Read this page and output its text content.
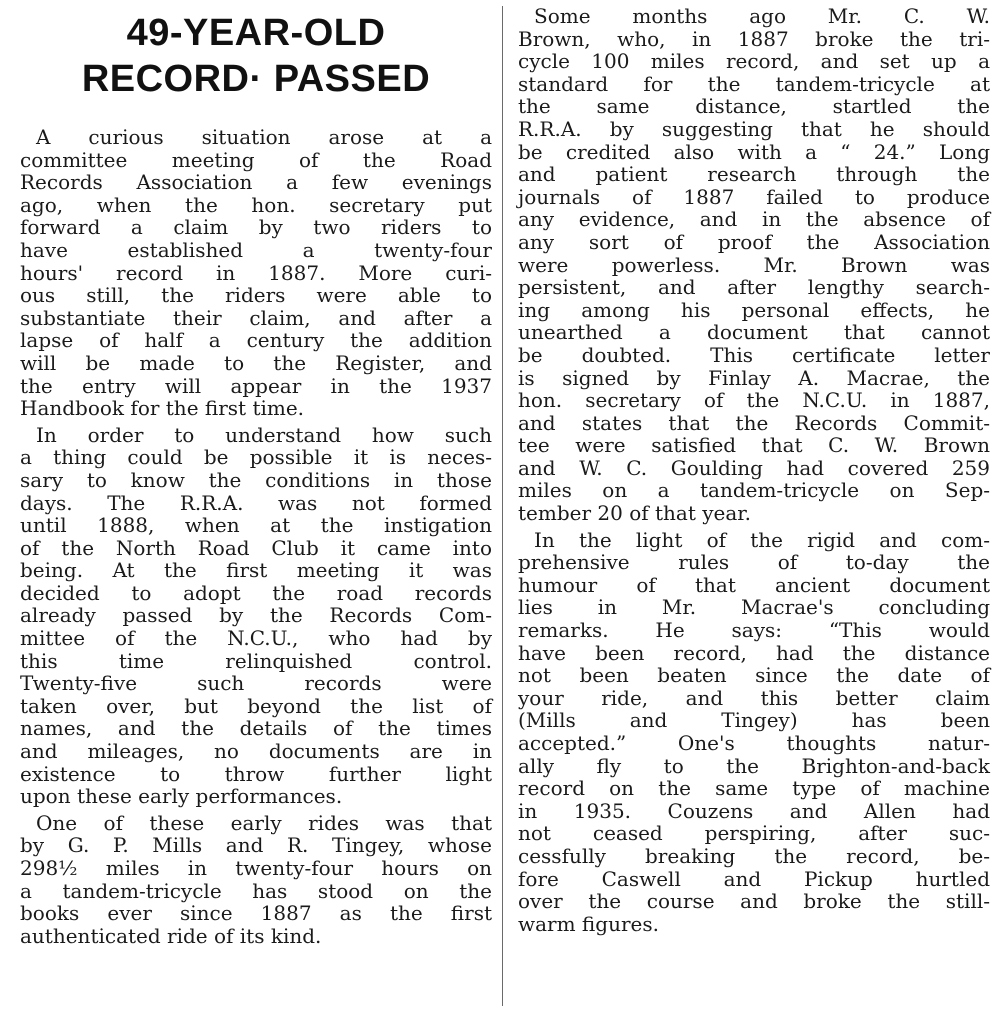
49-YEAR-OLD
RECORD· PASSED
A curious situation arose at a
committee meeting of the Road
Records Association a few evenings
ago, when the hon. secretary put
forward a claim by two riders to
have established a twenty-four
hours' record in 1887. More curi-
ous still, the riders were able to
substantiate their claim, and after a
lapse of half a century the addition
will be made to the Register, and
the entry will appear in the 1937
Handbook for the first time.
In order to understand how such
a thing could be possible it is neces-
sary to know the conditions in those
days. The R.R.A. was not formed
until 1888, when at the instigation
of the North Road Club it came into
being. At the first meeting it was
decided to adopt the road records
already passed by the Records Com-
mittee of the N.C.U., who had by
this time relinquished control.
Twenty-five such records were
taken over, but beyond the list of
names, and the details of the times
and mileages, no documents are in
existence to throw further light
upon these early performances.
One of these early rides was that
by G. P. Mills and R. Tingey, whose
298½ miles in twenty-four hours on
a tandem-tricycle has stood on the
books ever since 1887 as the first
authenticated ride of its kind.
Some months ago Mr. C. W.
Brown, who, in 1887 broke the tri-
cycle 100 miles record, and set up a
standard for the tandem-tricycle at
the same distance, startled the
R.R.A. by suggesting that he should
be credited also with a “ 24.” Long
and patient research through the
journals of 1887 failed to produce
any evidence, and in the absence of
any sort of proof the Association
were powerless. Mr. Brown was
persistent, and after lengthy search-
ing among his personal effects, he
unearthed a document that cannot
be doubted. This certificate letter
is signed by Finlay A. Macrae, the
hon. secretary of the N.C.U. in 1887,
and states that the Records Commit-
tee were satisfied that C. W. Brown
and W. C. Goulding had covered 259
miles on a tandem-tricycle on Sep-
tember 20 of that year.
In the light of the rigid and com-
prehensive rules of to-day the
humour of that ancient document
lies in Mr. Macrae's concluding
remarks. He says: “This would
have been record, had the distance
not been beaten since the date of
your ride, and this better claim
(Mills and Tingey) has been
accepted.” One's thoughts natur-
ally fly to the Brighton-and-back
record on the same type of machine
in 1935. Couzens and Allen had
not ceased perspiring, after suc-
cessfully breaking the record, be-
fore Caswell and Pickup hurtled
over the course and broke the still-
warm figures.
